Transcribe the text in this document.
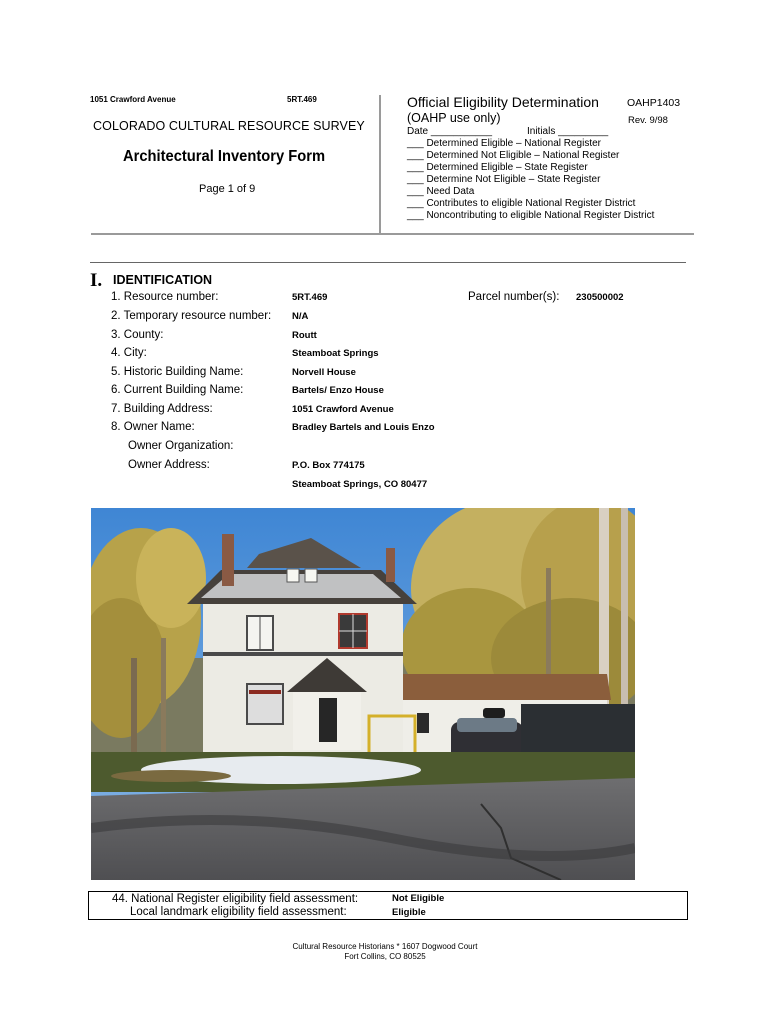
1051 Crawford Avenue	5RT.469
COLORADO CULTURAL RESOURCE SURVEY
Architectural Inventory Form
Page 1 of 9
Official Eligibility Determination	OAHP1403
(OAHP use only)	Rev. 9/98
Date ___________	Initials _________
___ Determined Eligible – National Register
___ Determined Not Eligible – National Register
___ Determined Eligible – State Register
___ Determine Not Eligible – State Register
___ Need Data
___ Contributes to eligible National Register District
___ Noncontributing to eligible National Register District
I. IDENTIFICATION
1. Resource number:	5RT.469	Parcel number(s): 230500002
2. Temporary resource number: N/A
3. County:	Routt
4. City:	Steamboat Springs
5. Historic Building Name:	Norvell House
6. Current Building Name:	Bartels/ Enzo House
7. Building Address:	1051 Crawford Avenue
8. Owner Name:	Bradley Bartels and Louis Enzo
Owner Organization:
Owner Address:	P.O. Box 774175
Steamboat Springs, CO 80477
44. National Register eligibility field assessment:	Not Eligible
Local landmark eligibility field assessment:	Eligible
Cultural Resource Historians * 1607 Dogwood Court
Fort Collins, CO 80525
